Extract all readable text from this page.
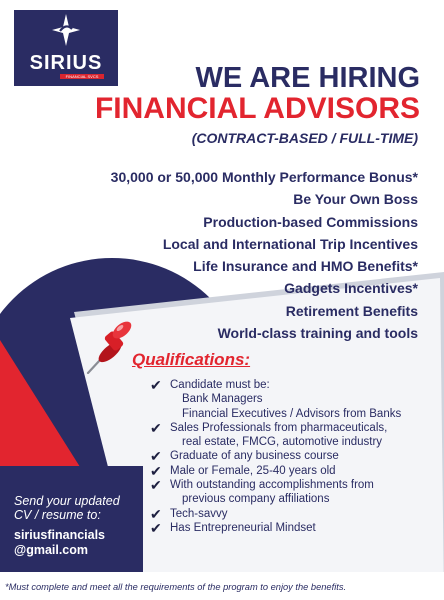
SIRIUS
FINANCIAL SVCS	WE ARE HIRING
FINANCIAL ADVISORS
(CONTRACT-BASED / FULL-TIME)
30,000 or 50,000 Monthly Performance Bonus*
Be Your Own Boss
Production-based Commissions
Local and International Trip Incentives
Life Insurance and HMO Benefits*
Gadgets Incentives*
Retirement Benefits
World-class training and tools
Qualifications:
✔ Candidate must be:
Bank Managers
Financial Executives / Advisors from Banks
✔ Sales Professionals from pharmaceuticals,
real estate, FMCG, automotive industry
✔ Graduate of any business course
✔ Male or Female, 25-40 years old
✔ With outstanding accomplishments from
previous company affiliations
✔ Tech-savvy
✔ Has Entrepreneurial Mindset
Send your updated
CV / resume to:
siriusfinancials
@gmail.com
*Must complete and meet all the requirements of the program to enjoy the benefits.
